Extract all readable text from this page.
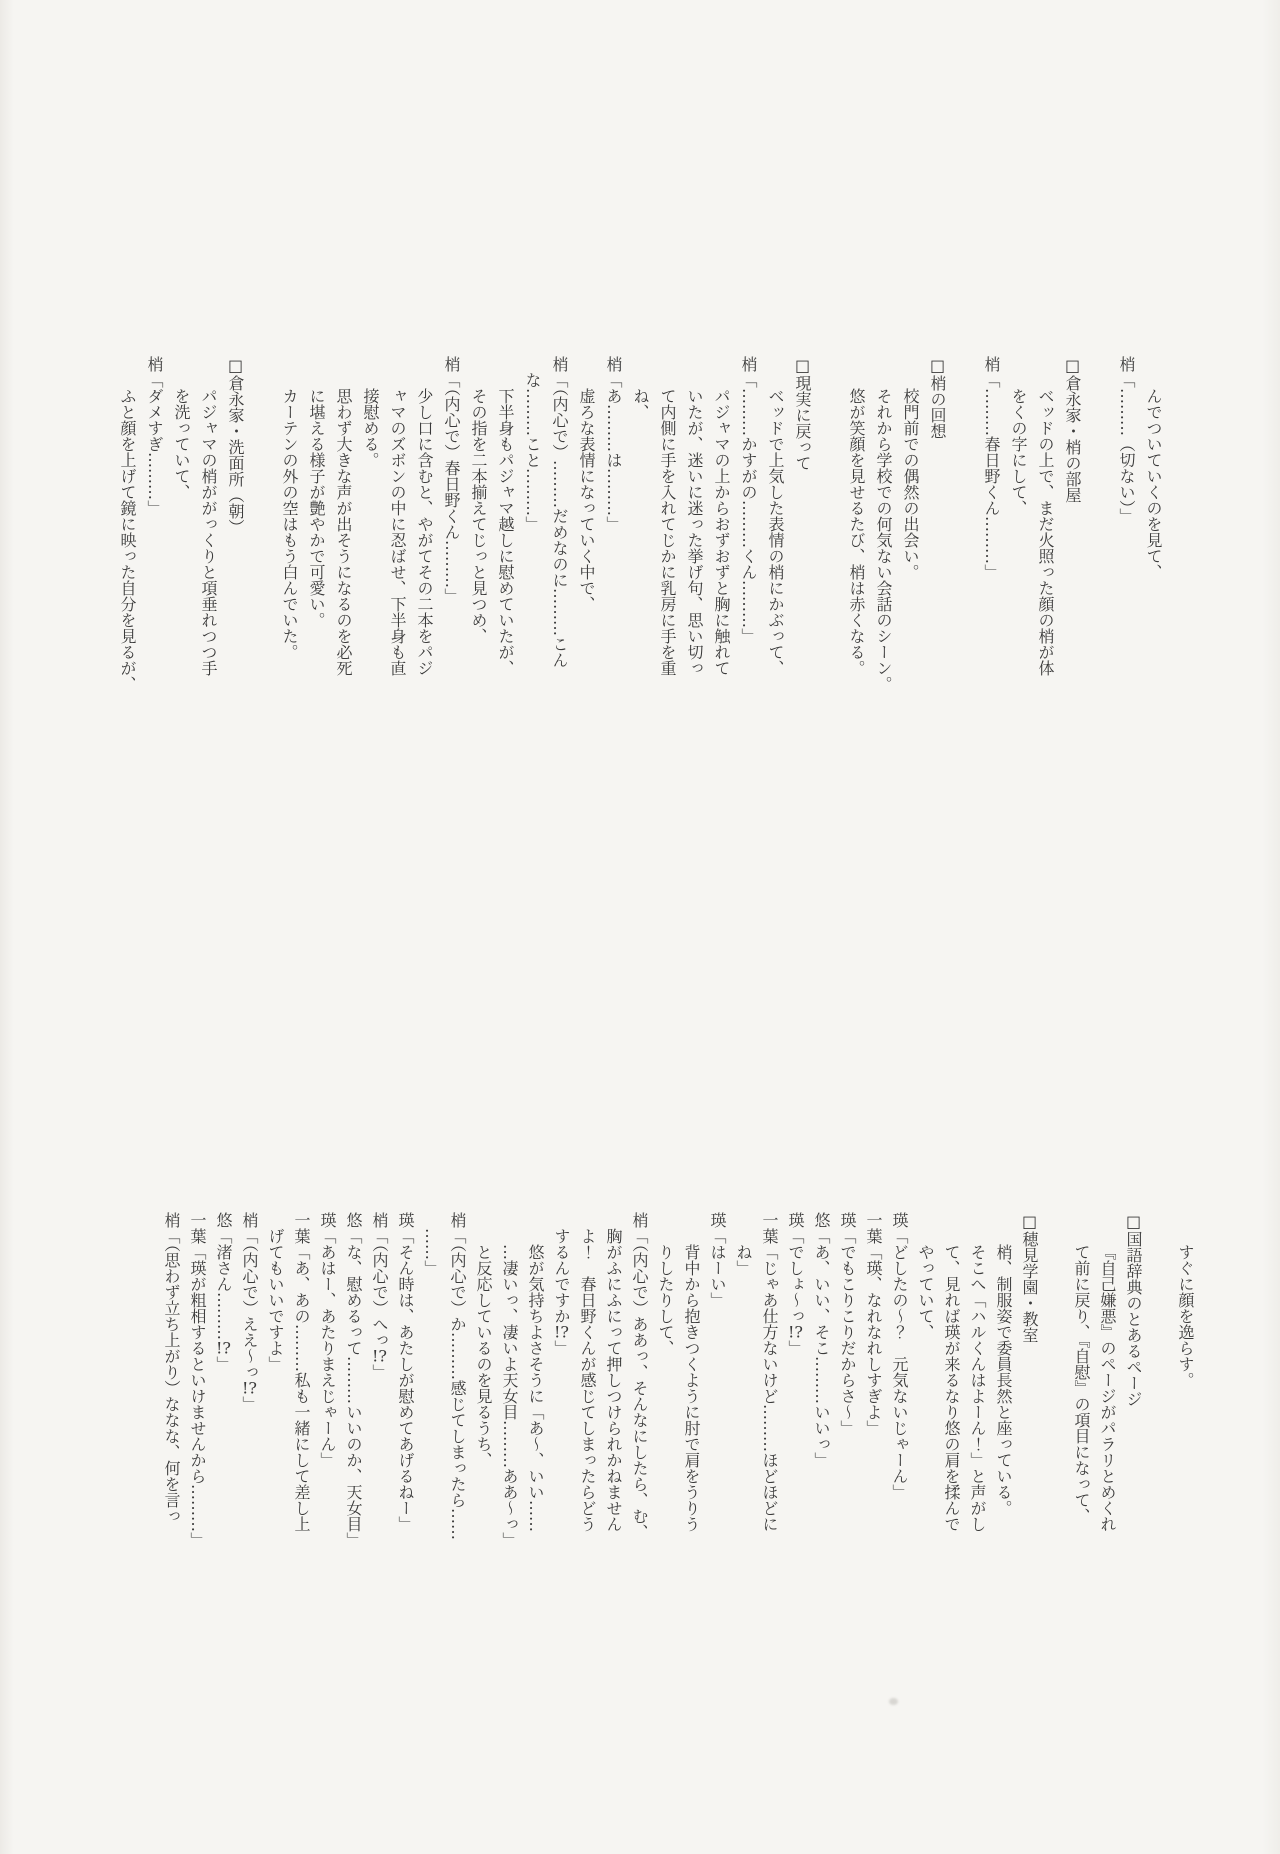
んでついていくのを見て、
梢「………（切ない）」
□倉永家・梢の部屋
ベッドの上で、まだ火照った顔の梢が体
をくの字にして、
梢「………春日野くん………」
□梢の回想
校門前での偶然の出会い。
それから学校での何気ない会話のシーン。
悠が笑顔を見せるたび、梢は赤くなる。
□現実に戻って
ベッドで上気した表情の梢にかぶって、
梢「………かすがの………くん………」
パジャマの上からおずおずと胸に触れて
いたが、迷いに迷った挙げ句、思い切っ
て内側に手を入れてじかに乳房に手を重
ね、
梢「あ………は………」
虚ろな表情になっていく中で、
梢「（内心で）………だめなのに………こん
な………こと………」
下半身もパジャマ越しに慰めていたが、
その指を二本揃えてじっと見つめ、
梢「（内心で）春日野くん………」
少し口に含むと、やがてその二本をパジ
ャマのズボンの中に忍ばせ、下半身も直
接慰める。
思わず大きな声が出そうになるのを必死
に堪える様子が艶やかで可愛い。
カーテンの外の空はもう白んでいた。
□倉永家・洗面所（朝）
パジャマの梢ががっくりと項垂れつつ手
を洗っていて、
梢「ダメすぎ………」
ふと顔を上げて鏡に映った自分を見るが、
すぐに顔を逸らす。
□国語辞典のとあるページ
『自己嫌悪』のページがパラリとめくれ
て前に戻り、『自慰』の項目になって、
□穂見学園・教室
梢、制服姿で委員長然と座っている。
そこへ「ハルくんはよーん！」と声がし
て、見れば瑛が来るなり悠の肩を揉んで
やっていて、
瑛「どしたの～？　元気ないじゃーん」
一葉「瑛、なれなれしすぎよ」
瑛「でもこりこりだからさ～」
悠「あ、いい、そこ………いいっ」
瑛「でしょ～っ!?」
一葉「じゃあ仕方ないけど………ほどほどに
ね」
瑛「はーい」
背中から抱きつくように肘で肩をうりう
りしたりして、
梢「（内心で）ああっ、そんなにしたら、む、
胸がふにふにって押しつけられかねません
よ！　春日野くんが感じてしまったらどう
するんですか!?」
悠が気持ちよさそうに「あ～、いい……
…凄いっ、凄いよ天女目………ああ～っ」
と反応しているのを見るうち、
梢「（内心で）か………感じてしまったら……
……」
瑛「そん時は、あたしが慰めてあげるねー」
梢「（内心で）へっ!?」
悠「な、慰めるって………いいのか、天女目」
瑛「あはー、あたりまえじゃーん」
一葉「あ、あの………私も一緒にして差し上
げてもいいですよ」
梢「（内心で）ええ～っ!?」
悠「渚さん………!?」
一葉「瑛が粗相するといけませんから………」
梢「（思わず立ち上がり）ななな、何を言っ
